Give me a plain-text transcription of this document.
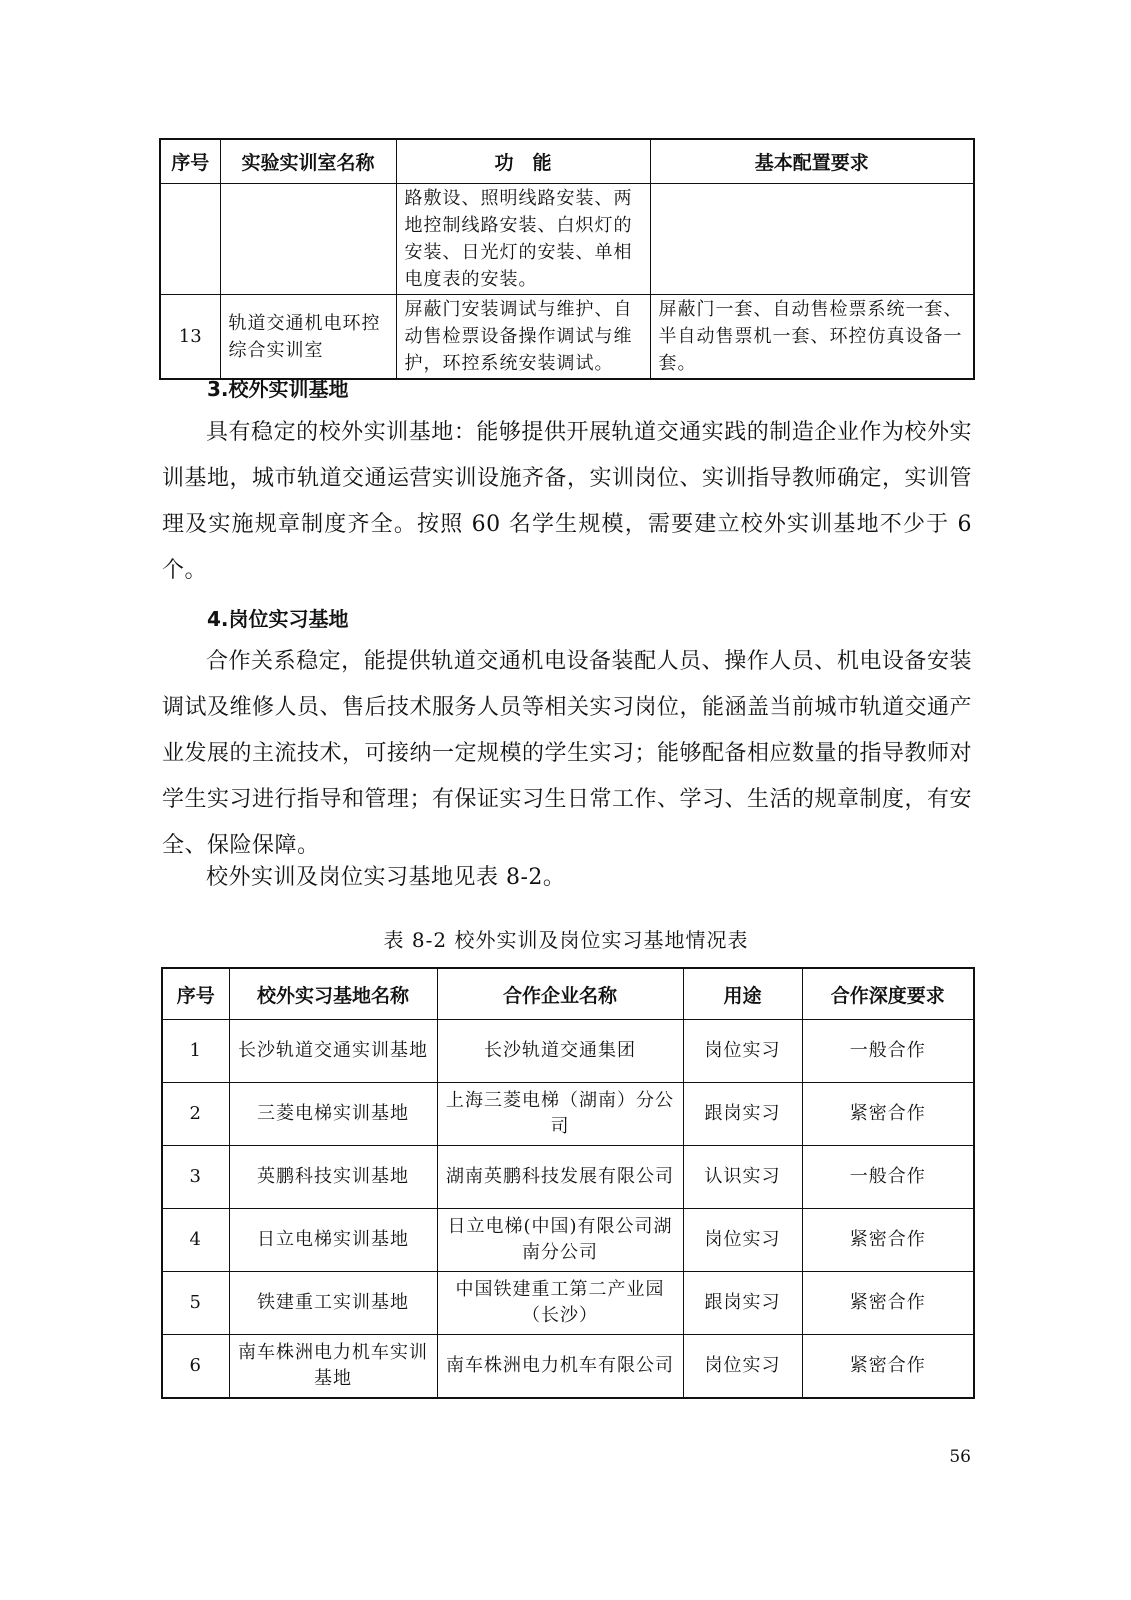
序号	实验实训室名称	功　能	基本配置要求
		路敷设、照明线路安装、两地控制线路安装、白炽灯的安装、日光灯的安装、单相电度表的安装。	
13	轨道交通机电环控综合实训室	屏蔽门安装调试与维护、自动售检票设备操作调试与维护，环控系统安装调试。	屏蔽门一套、自动售检票系统一套、半自动售票机一套、环控仿真设备一套。
3.校外实训基地

具有稳定的校外实训基地：能够提供开展轨道交通实践的制造企业作为校外实训基地，城市轨道交通运营实训设施齐备，实训岗位、实训指导教师确定，实训管理及实施规章制度齐全。按照 60 名学生规模，需要建立校外实训基地不少于 6 个。

4.岗位实习基地

合作关系稳定，能提供轨道交通机电设备装配人员、操作人员、机电设备安装调试及维修人员、售后技术服务人员等相关实习岗位，能涵盖当前城市轨道交通产业发展的主流技术，可接纳一定规模的学生实习；能够配备相应数量的指导教师对学生实习进行指导和管理；有保证实习生日常工作、学习、生活的规章制度，有安全、保险保障。

校外实训及岗位实习基地见表 8-2。

表 8-2 校外实训及岗位实习基地情况表
序号	校外实习基地名称	合作企业名称	用途	合作深度要求
1	长沙轨道交通实训基地	长沙轨道交通集团	岗位实习	一般合作
2	三菱电梯实训基地	上海三菱电梯（湖南）分公司	跟岗实习	紧密合作
3	英鹏科技实训基地	湖南英鹏科技发展有限公司	认识实习	一般合作
4	日立电梯实训基地	日立电梯(中国)有限公司湖南分公司	岗位实习	紧密合作
5	铁建重工实训基地	中国铁建重工第二产业园（长沙）	跟岗实习	紧密合作
6	南车株洲电力机车实训基地	南车株洲电力机车有限公司	岗位实习	紧密合作
56
